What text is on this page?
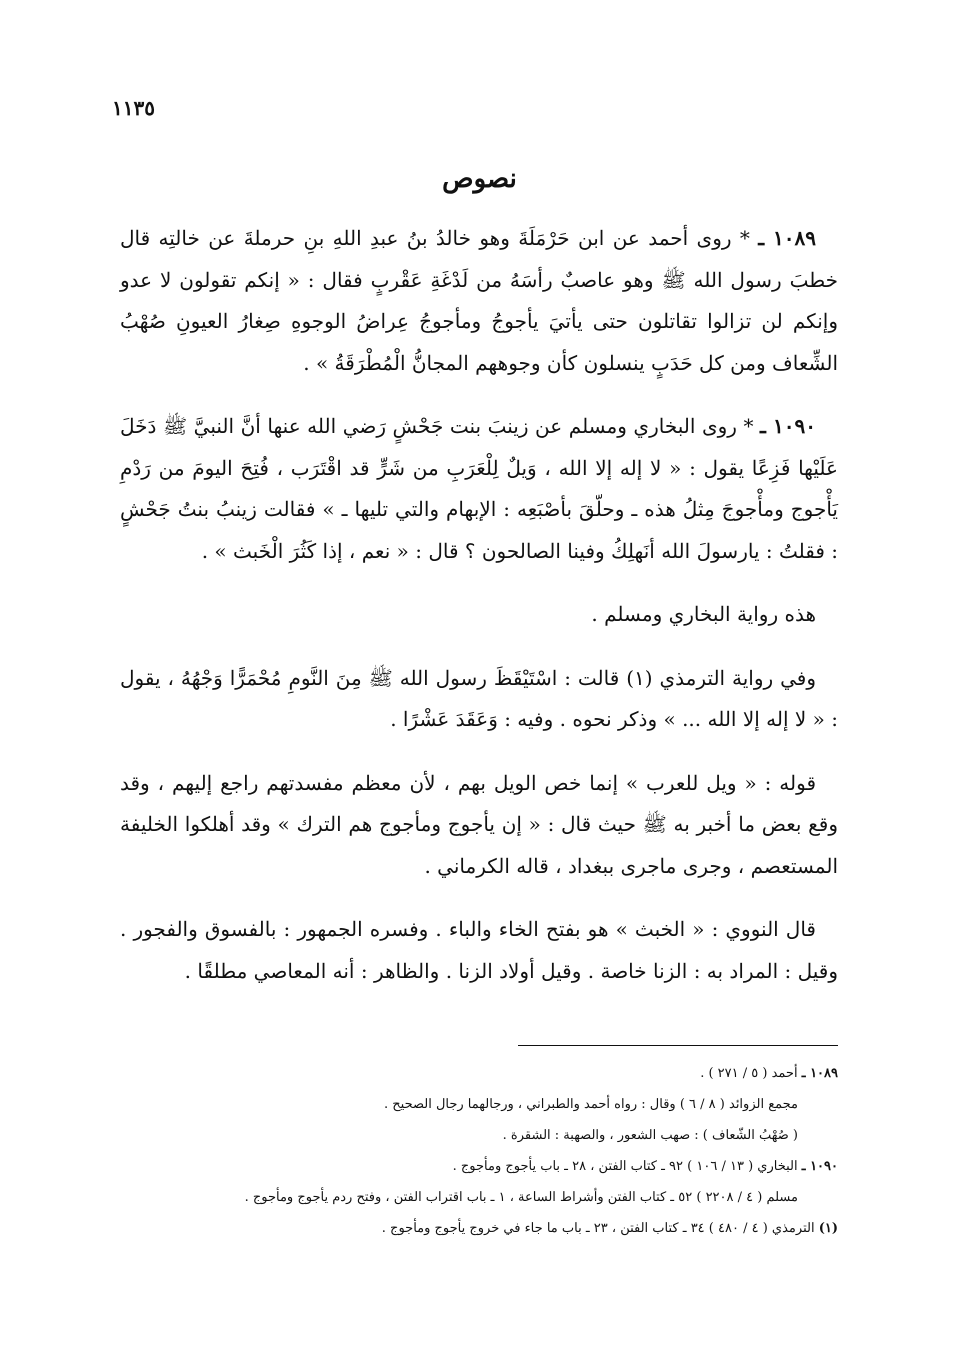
١١٣٥
نصوص

١٠٨٩ ـ * روى أحمد عن ابن حَرْمَلَةَ وهو خالدُ بنُ عبدِ اللهِ بنِ حرملةَ عن خالتِه قال خطبَ رسول الله ﷺ وهو عاصبٌ رأسَهُ من لَدْغَةِ عَقْربٍ فقال : « إنكم تقولون لا عدو وإنكم لن تزالوا تقاتلون حتى يأتيَ يأجوجُ ومأجوجُ عِراضُ الوجوهِ صِغارُ العيونِ صُهْبُ الشِّعاف ومن كل حَدَبٍ ينسلون كأن وجوههم المجانُّ الْمُطْرَقَةُ » .

١٠٩٠ ـ * روى البخاري ومسلم عن زينبَ بنت جَحْشٍ رَضي الله عنها أنَّ النبيَّ ﷺ دَخَلَ عَلَيْها فَزِعًا يقول : « لا إله إلا الله ، وَيلٌ لِلْعَرَبِ من شَرٍّ قد اقْتَرَب ، فُتِحَ اليومَ من رَدْمِ يَأْجوج ومأْجوجَ مِثلُ هذه ـ وحلّقَ بأصْبَعِه : الإبهام والتي تليها ـ » فقالت زينبُ بنتُ جَحْشٍ : فقلتُ : يارسولَ الله أنَهلِكُ وفينا الصالحون ؟ قال : « نعم ، إذا كَثُرَ الْخَبث » .

هذه رواية البخاري ومسلم .

وفي رواية الترمذي (١) قالت : اسْتَيْقَظَ رسول الله ﷺ مِنَ النَّومِ مُحْمَرًّا وَجْهُهُ ، يقول : « لا إله إلا الله ... » وذكر نحوه . وفيه : وَعَقَدَ عَشْرًا .

قوله : « ويل للعرب » إنما خص الويل بهم ، لأن معظم مفسدتهم راجع إليهم ، وقد وقع بعض ما أخبر به ﷺ حيث قال : « إن يأجوج ومأجوج هم الترك » وقد أهلكوا الخليفة المستعصم ، وجرى ماجرى ببغداد ، قاله الكرماني .

قال النووي : « الخبث » هو بفتح الخاء والباء . وفسره الجمهور : بالفسوق والفجور . وقيل : المراد به : الزنا خاصة . وقيل أولاد الزنا . والظاهر : أنه المعاصي مطلقًا .

١٠٨٩ ـ أحمد ( ٥ / ٢٧١ ) .

مجمع الزوائد ( ٨ / ٦ ) وقال : رواه أحمد والطبراني ، ورجالهما رجال الصحيح .

( صُهْبُ الشّعاف ) : صهب الشعور ، والصهبة : الشقرة .

١٠٩٠ ـ البخاري ( ١٣ / ١٠٦ ) ٩٢ ـ كتاب الفتن ، ٢٨ ـ باب يأجوج ومأجوج .

مسلم ( ٤ / ٢٢٠٨ ) ٥٢ ـ كتاب الفتن وأشراط الساعة ، ١ ـ باب اقتراب الفتن ، وفتح ردم يأجوج ومأجوج .

(١) الترمذي ( ٤ / ٤٨٠ ) ٣٤ ـ كتاب الفتن ، ٢٣ ـ باب ما جاء في خروج يأجوج ومأجوج .
